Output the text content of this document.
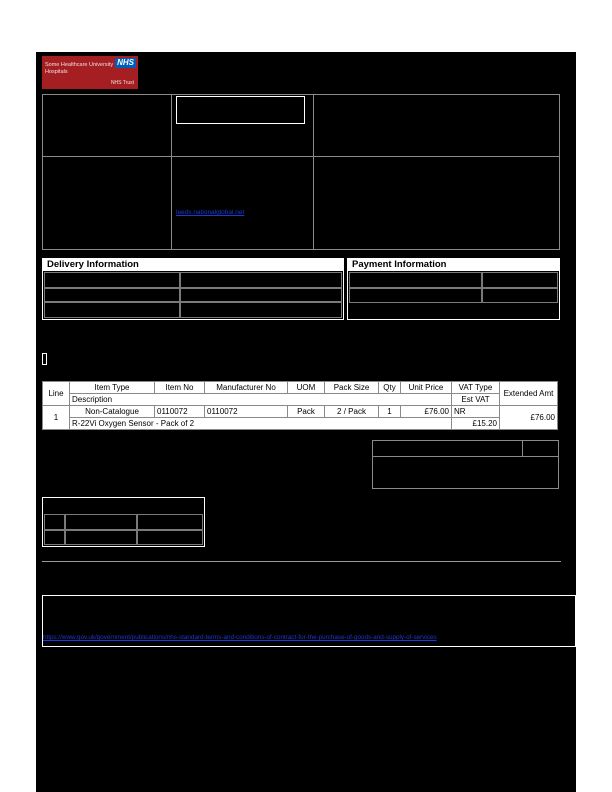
Some Healthcare University Hospitals
NHS
NHS Trust
leeds.nationalglobal.net
Delivery Information	Payment Information
Line	Item Type	Item No	Manufacturer No	UOM	Pack Size	Qty	Unit Price	VAT Type	Extended Amt
	Description							Est VAT	
1	Non-Catalogue	0110072	0110072	Pack	2 / Pack	1	£76.00	NR	£76.00
	R-22Vi Oxygen Sensor - Pack of 2							£15.20	
https://www.gov.uk/government/publications/nhs-standard-terms-and-conditions-of-contract-for-the-purchase-of-goods-and-supply-of-services
